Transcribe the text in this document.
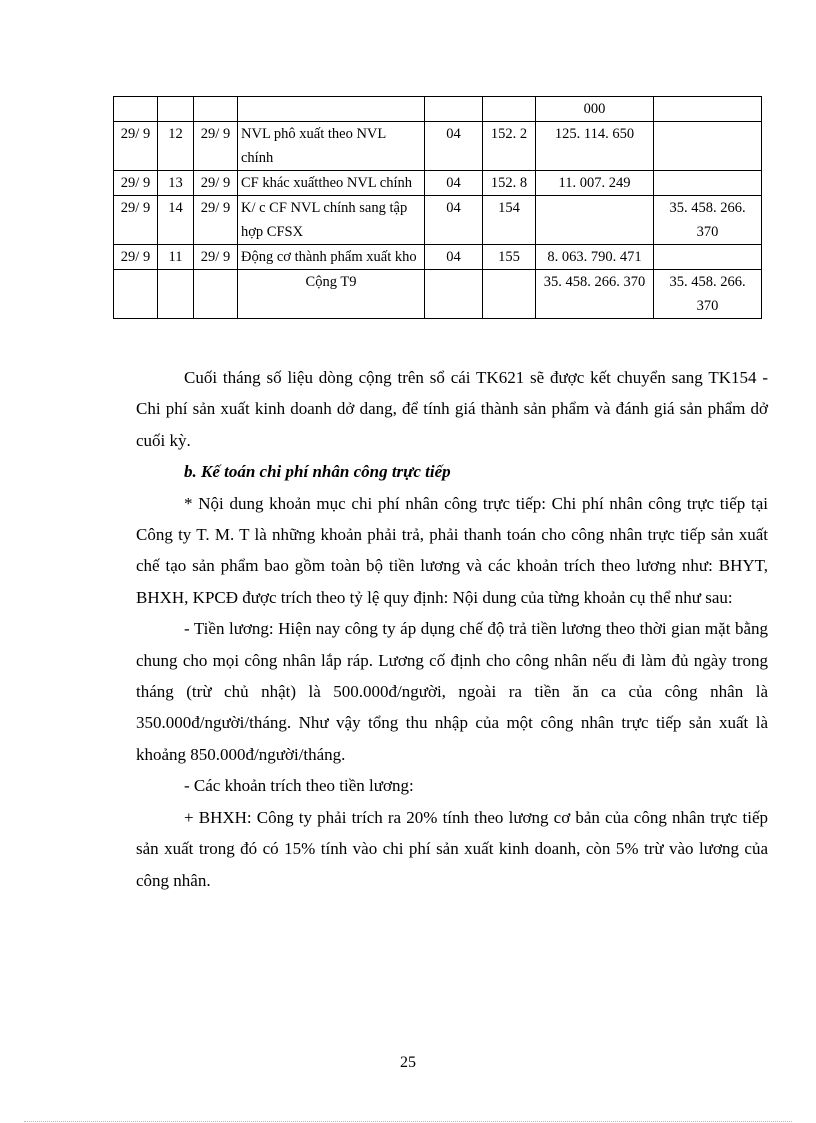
						000	
29/ 9	12	29/ 9	NVL phô xuất theo NVL chính	04	152. 2	125. 114. 650	
29/ 9	13	29/ 9	CF khác xuấttheo NVL chính	04	152. 8	11. 007. 249	
29/ 9	14	29/ 9	K/ c CF NVL chính sang tập hợp CFSX	04	154		35. 458. 266. 370
29/ 9	11	29/ 9	Động cơ thành phẩm xuất kho	04	155	8. 063. 790. 471	
			Cộng T9			35. 458. 266. 370	35. 458. 266. 370

Cuối tháng số liệu dòng cộng trên sổ cái TK621 sẽ được kết chuyển sang TK154 - Chi phí sản xuất kinh doanh dở dang, để tính giá thành sản phẩm và đánh giá sản phẩm dở cuối kỳ.

b. Kế toán chi phí nhân công trực tiếp

* Nội dung khoản mục chi phí nhân công trực tiếp: Chi phí nhân công trực tiếp tại Công ty T. M. T là những khoản phải trả, phải thanh toán cho công nhân trực tiếp sản xuất chế tạo sản phẩm bao gồm toàn bộ tiền lương và các khoản trích theo lương như: BHYT, BHXH, KPCĐ được trích theo tỷ lệ quy định: Nội dung của từng khoản cụ thể như sau:

- Tiền lương: Hiện nay công ty áp dụng chế độ trả tiền lương theo thời gian mặt bằng chung cho mọi công nhân lắp ráp. Lương cố định cho công nhân nếu đi làm đủ ngày trong tháng (trừ chủ nhật) là 500.000đ/người, ngoài ra tiền ăn ca của công nhân là 350.000đ/người/tháng. Như vậy tổng thu nhập của một công nhân trực tiếp sản xuất là khoảng 850.000đ/người/tháng.

- Các khoản trích theo tiền lương:

+ BHXH: Công ty phải trích ra 20% tính theo lương cơ bản của công nhân trực tiếp sản xuất trong đó có 15% tính vào chi phí sản xuất kinh doanh, còn 5% trừ vào lương của công nhân.

25
